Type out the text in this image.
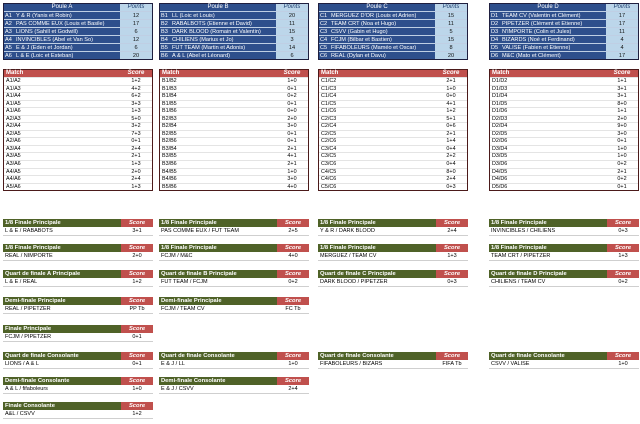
Poule A	Points
A1 Y & R (Yanis et Robin)	12
A2 PAS COMME EUX (Louis et Basile)	17
A3 LIONS (Sahill et Godwill)	6
A4 INVINCIBLES (Abel et Van So)	12
A5 E & J (Eden et Jordan)	6
A6 L & E (Loic et Esteban)	20
Match	Score
A1/A2	1+2
A1/A3	4+2
A1/A4	6+2
A1/A5	3+3
A1/A6	1+3
A2/A3	5+0
A2/A4	3+2
A2/A5	7+3
A2/A6	0+1
A3/A4	2+4
A3/A5	2+1
A3/A6	1+3
A4/A5	2+0
A4/A6	2+4
A5/A6	1+3
1/8 Finale Principale	Score
L & E / RABABOTS	3+1
1/8 Finale Principale	Score
REAL / NIMPORTE	2+0
Quart de finale A Principale	Score
L & E / REAL	1+2
Demi-finale Principale	Score
REAL / PIPETZER	PP Tb
Finale Principale	Score
FCJM / PIPETZER	0+1
Quart de finale Consolante	Score
LIONS / A & L	0+1
Demi-finale Consolante	Score
A & L / fifaboleurs	1+0
Finale Consolante	Score
A&L / CSVV	1+2
Poule B	Points
B1 LL (Loic et Louis)	20
B2 RABALBOTS (Etienne et David)	11
B3 DARK BLOOD (Romain et Valentin)	15
B4 CHILIENS (Marius et Jo)	3
B5 FUT TEAM (Martin et Adonis)	14
B6 A & L (Abel et Léonard)	6
Match	Score
B1/B2	1+0
B1/B3	0+1
B1/B4	0+2
B1/B5	0+1
B1/B6	0+0
B2/B3	2+0
B2/B4	3+0
B2/B5	0+1
B2/B6	0+1
B3/B4	2+1
B3/B5	4+1
B3/B6	2+1
B4/B5	1+0
B4/B6	3+0
B5/B6	4+0
1/8 Finale Principale	Score
PAS COMME EUX / FUT TEAM	2+5
1/8 Finale Principale	Score
FCJM / M&C	4+0
Quart de finale B Principale	Score
FUT TEAM / FCJM	0+2
Demi-finale Principale	Score
FCJM / TEAM CV	FC Tb
Quart de finale Consolante	Score
E & J / LL	1+0
Demi-finale Consolante	Score
E & J / CSVV	2+4
Poule C	Points
C1 MERGUEZ D'OR (Louis et Adrien)	15
C2 TEAM CRT (Noa et Hugo)	11
C3 CSVV (Gabin et Hugo)	5
C4 FCJM (Bilbar et Bastien)	15
C5 FIFABOLEURS (Maméo et Oscar)	8
C6 REAL (Dylan et Davu)	20
Match	Score
C1/C2	2+1
C1/C3	1+0
C1/C4	0+0
C1/C5	4+1
C1/C6	1+2
C2/C3	5+1
C2/C4	0+6
C2/C5	2+1
C2/C6	1+4
C3/C4	0+4
C3/C5	2+2
C3/C6	0+4
C4/C5	8+0
C4/C6	2+4
C5/C6	0+3
1/8 Finale Principale	Score
Y & R / DARK BLOOD	2+4
1/8 Finale Principale	Score
MERGUEZ / TEAM CV	1+3
Quart de finale C Principale	Score
DARK BLOOD / PIPETZER	0+3
Quart de finale Consolante	Score
FIFABOLEURS / BIZARS	FIFA Tb
Poule D	Points
D1 TEAM CV (Valentin et Clément)	17
D2 PIPETZER (Clément et Etienne)	17
D3 N'IMPORTE (Colin et Jules)	11
D4 BIZARDS (Noé et Ferdinand)	4
D5 VALISE (Fabien et Etienne)	4
D6 M&C (Mato et Clément)	17
Match	Score
D1/D2	1+1
D1/D3	3+1
D1/D4	3+1
D1/D5	8+0
D1/D6	1+1
D2/D3	2+0
D2/D4	9+0
D2/D5	3+0
D2/D6	0+1
D3/D4	1+0
D3/D5	1+0
D3/D6	0+2
D4/D5	2+1
D4/D6	0+2
D5/D6	0+1
1/8 Finale Principale	Score
INVINCIBLES / CHILIENS	0+3
1/8 Finale Principale	Score
TEAM CRT / PIPETZER	1+3
Quart de finale D Principale	Score
CHILIENS / TEAM CV	0+2
Quart de finale Consolante	Score
CSVV / VALISE	1+0
